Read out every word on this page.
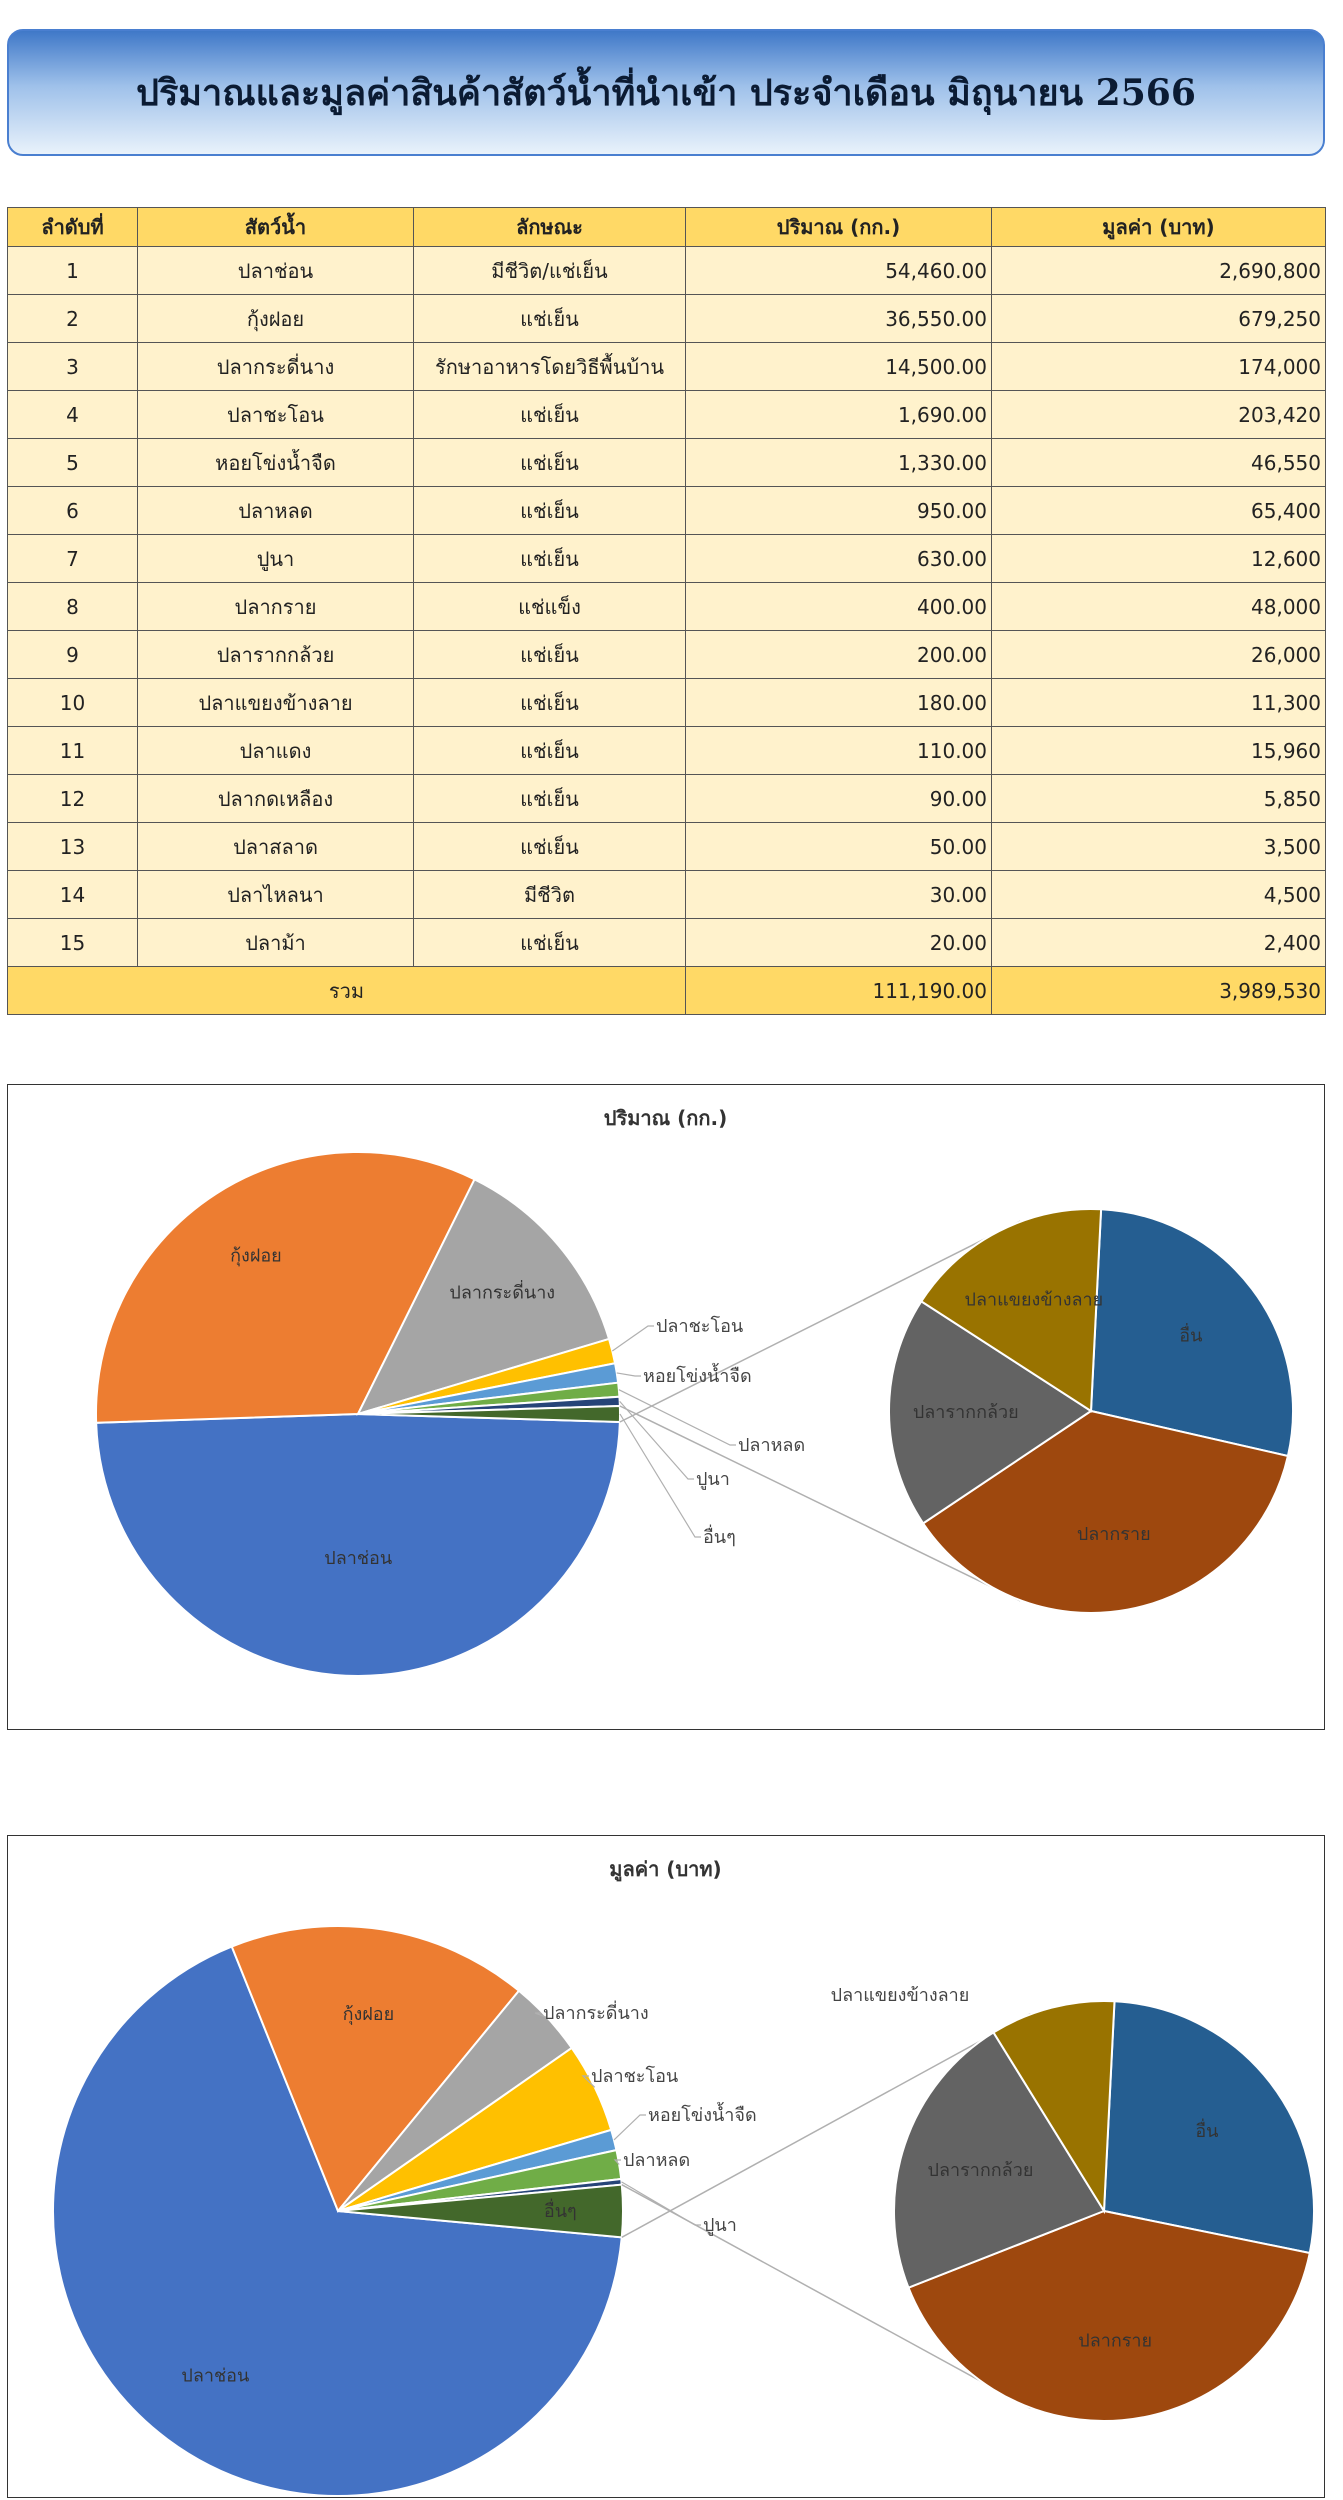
ปริมาณและมูลค่าสินค้าสัตว์น้ำที่นำเข้า ประจำเดือน มิถุนายน 2566
ลำดับที่	สัตว์น้ำ	ลักษณะ	ปริมาณ (กก.)	มูลค่า (บาท)
1	ปลาช่อน	มีชีวิต/แช่เย็น	54,460.00	2,690,800
2	กุ้งฝอย	แช่เย็น	36,550.00	679,250
3	ปลากระดี่นาง	รักษาอาหารโดยวิธีพื้นบ้าน	14,500.00	174,000
4	ปลาชะโอน	แช่เย็น	1,690.00	203,420
5	หอยโข่งน้ำจืด	แช่เย็น	1,330.00	46,550
6	ปลาหลด	แช่เย็น	950.00	65,400
7	ปูนา	แช่เย็น	630.00	12,600
8	ปลากราย	แช่แข็ง	400.00	48,000
9	ปลารากกล้วย	แช่เย็น	200.00	26,000
10	ปลาแขยงข้างลาย	แช่เย็น	180.00	11,300
11	ปลาแดง	แช่เย็น	110.00	15,960
12	ปลากดเหลือง	แช่เย็น	90.00	5,850
13	ปลาสลาด	แช่เย็น	50.00	3,500
14	ปลาไหลนา	มีชีวิต	30.00	4,500
15	ปลาม้า	แช่เย็น	20.00	2,400
รวม			111,190.00	3,989,530
ปริมาณ (กก.)
ปลาช่อน
กุ้งฝอย
ปลากระดี่นาง
ปลาชะโอน
หอยโข่งน้ำจืด
ปลาหลด
ปูนา
อื่นๆ	ปลากราย
ปลารากกล้วย
ปลาแขยงข้างลาย
อื่น
มูลค่า (บาท)
ปลาช่อน
กุ้งฝอย	ปลากระดี่นาง
ปลาชะโอน
หอยโข่งน้ำจืด
ปลาหลด
ปูนา
อื่นๆ
ปลากราย
ปลารากกล้วย
ปลาแขยงข้างลาย
อื่น
